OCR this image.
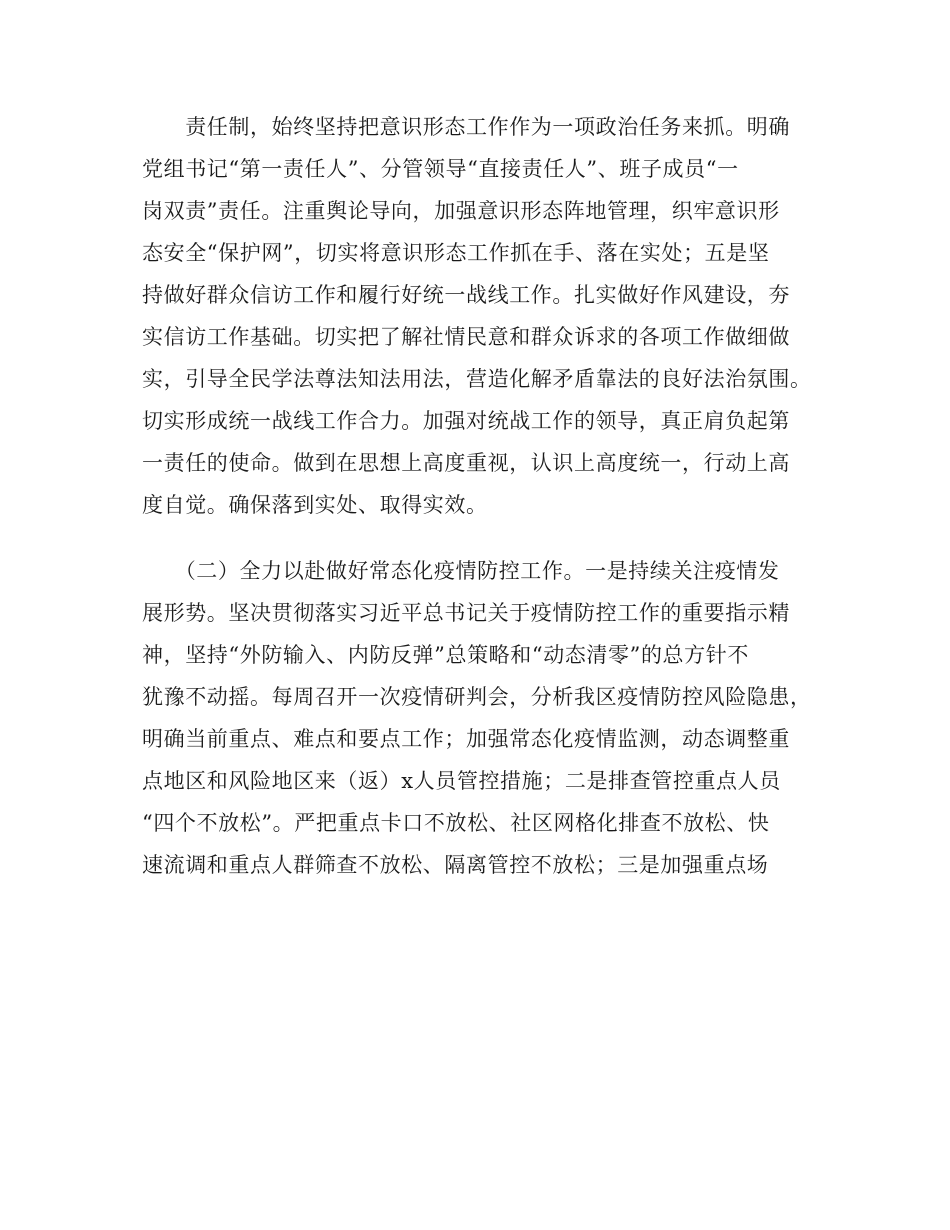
　　责任制，始终坚持把意识形态工作作为一项政治任务来抓。明确
党组书记“第一责任人”、分管领导“直接责任人”、班子成员“一
岗双责”责任。注重舆论导向，加强意识形态阵地管理，织牢意识形
态安全“保护网”，切实将意识形态工作抓在手、落在实处；五是坚
持做好群众信访工作和履行好统一战线工作。扎实做好作风建设，夯
实信访工作基础。切实把了解社情民意和群众诉求的各项工作做细做
实，引导全民学法尊法知法用法，营造化解矛盾靠法的良好法治氛围。
切实形成统一战线工作合力。加强对统战工作的领导，真正肩负起第
一责任的使命。做到在思想上高度重视，认识上高度统一，行动上高
度自觉。确保落到实处、取得实效。
　　（二）全力以赴做好常态化疫情防控工作。一是持续关注疫情发
展形势。坚决贯彻落实习近平总书记关于疫情防控工作的重要指示精
神，坚持“外防输入、内防反弹”总策略和“动态清零”的总方针不
犹豫不动摇。每周召开一次疫情研判会，分析我区疫情防控风险隐患，
明确当前重点、难点和要点工作；加强常态化疫情监测，动态调整重
点地区和风险地区来（返）x人员管控措施；二是排查管控重点人员
“四个不放松”。严把重点卡口不放松、社区网格化排查不放松、快
速流调和重点人群筛查不放松、隔离管控不放松；三是加强重点场
